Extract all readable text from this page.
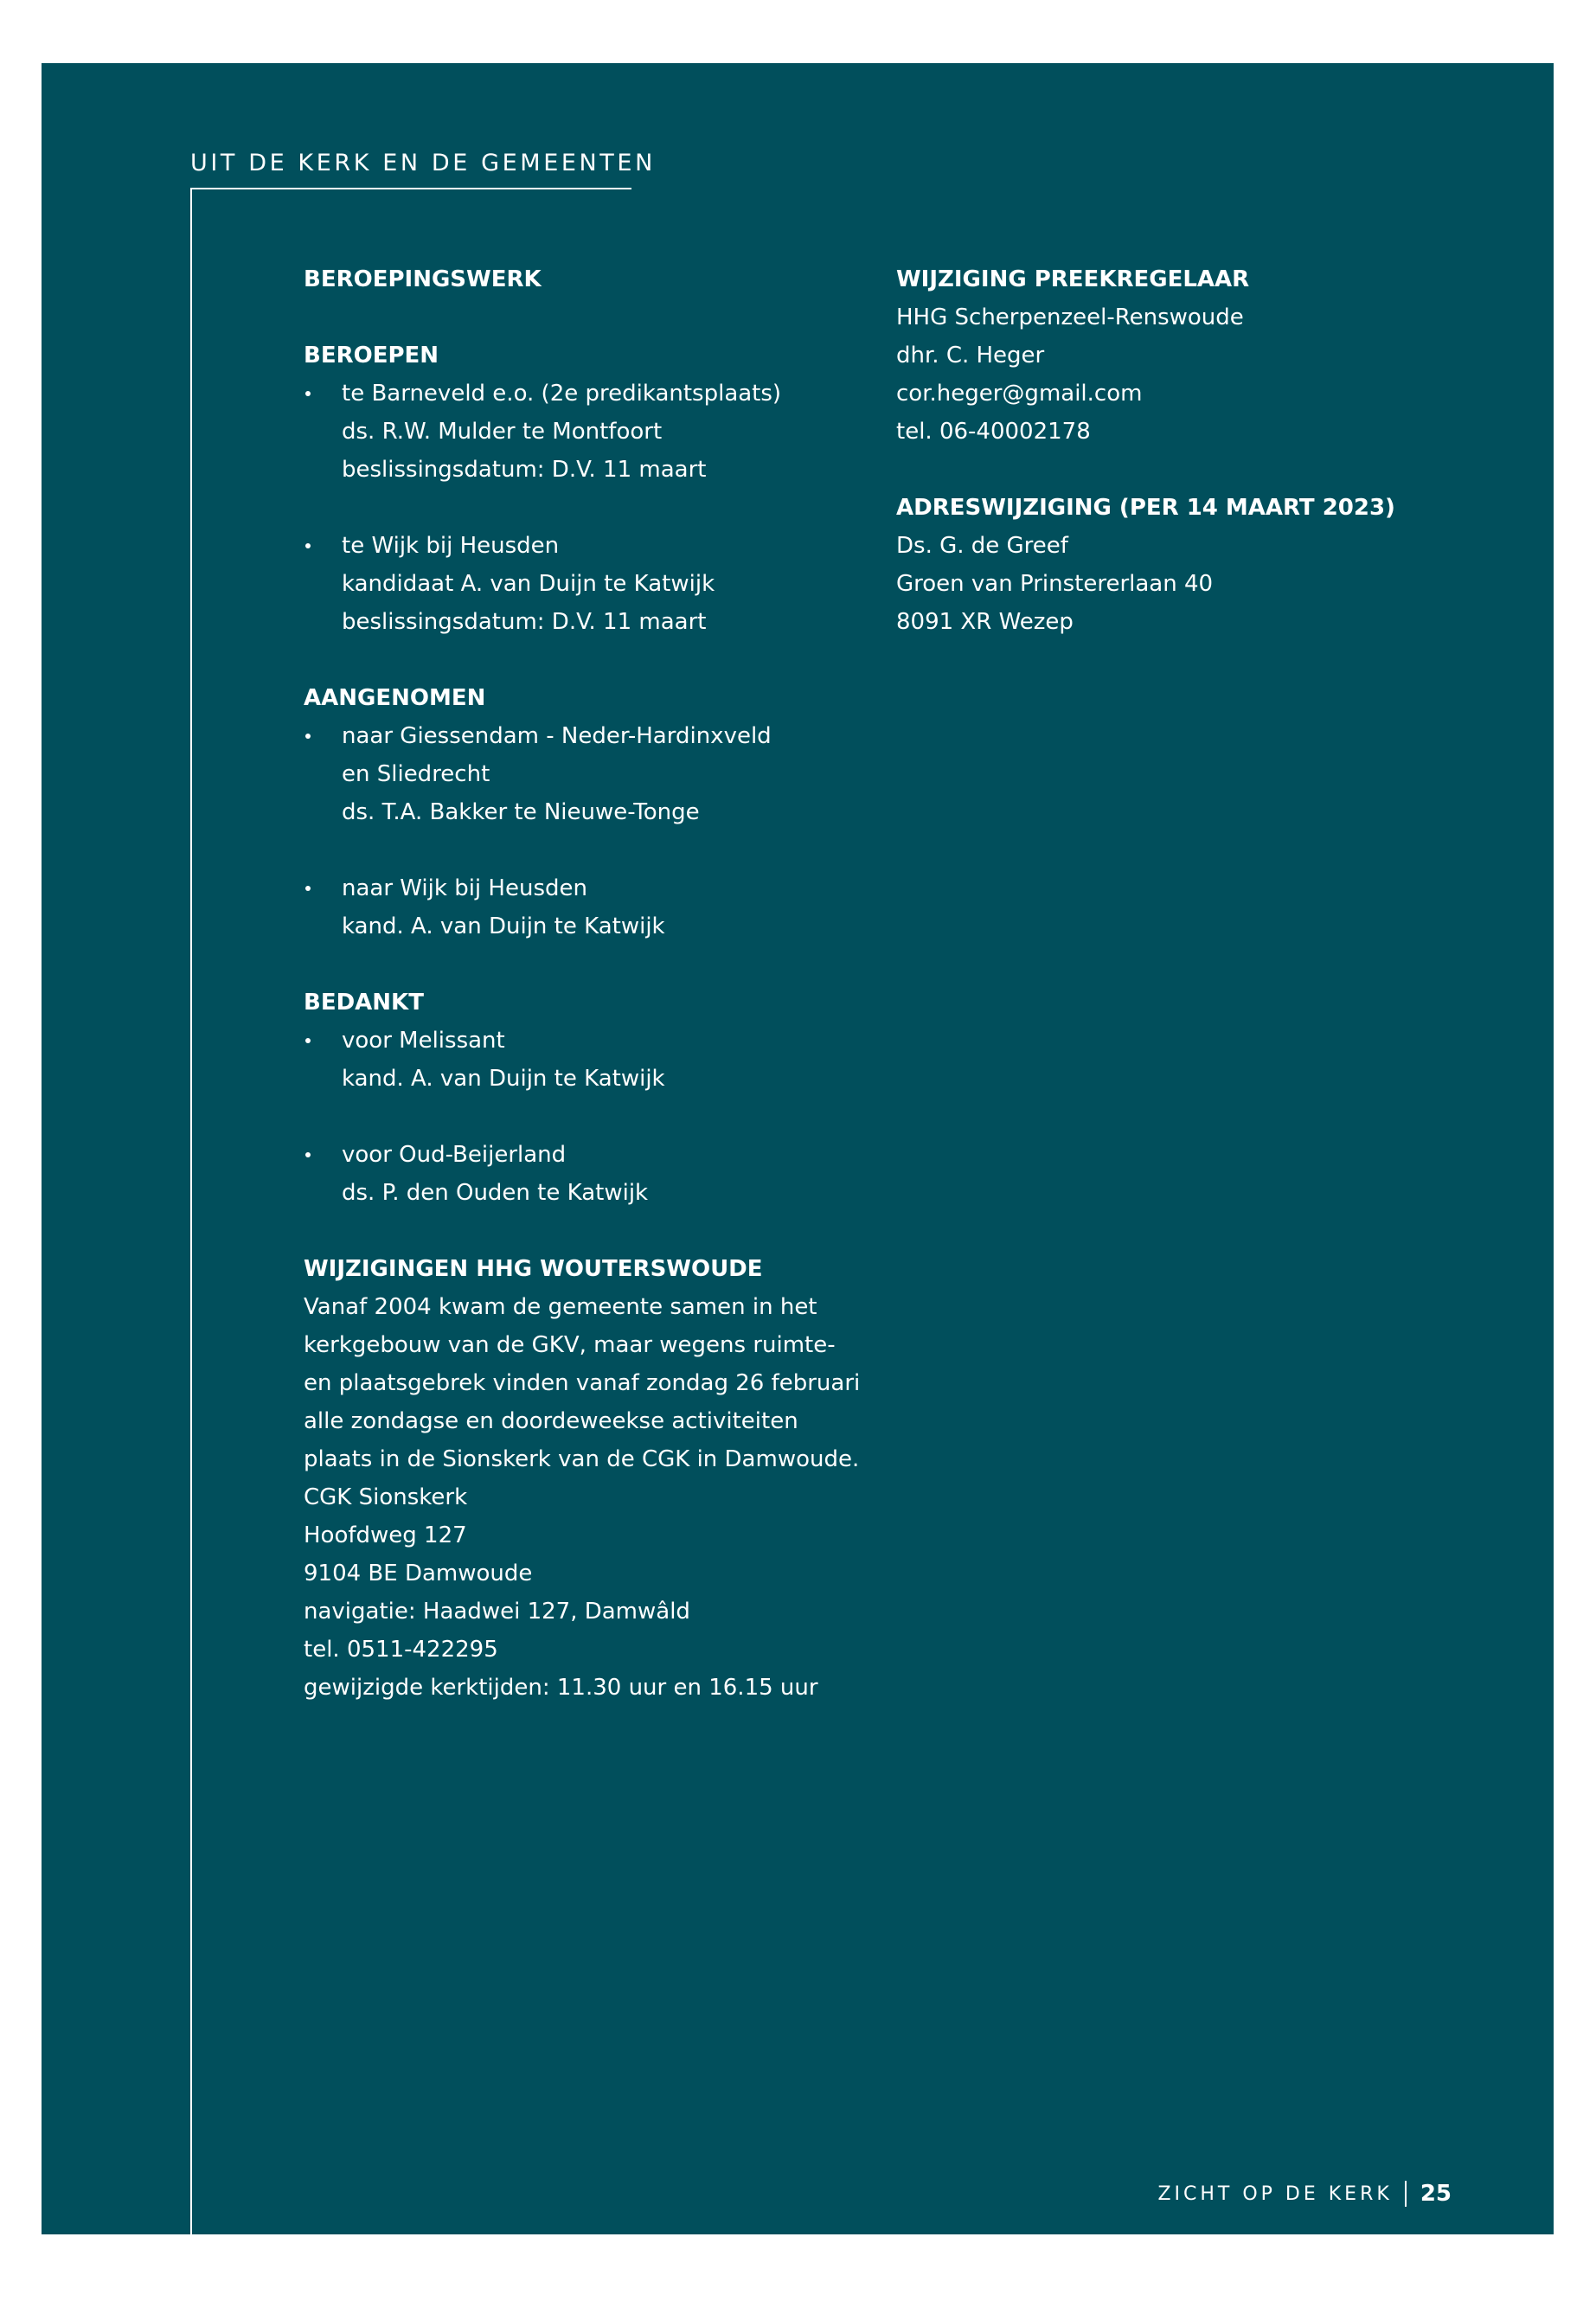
UIT DE KERK EN DE GEMEENTEN
BEROEPINGSWERK
BEROEPEN
te Barneveld e.o. (2e predikantsplaats)
ds. R.W. Mulder te Montfoort
beslissingsdatum: D.V. 11 maart
te Wijk bij Heusden
kandidaat A. van Duijn te Katwijk
beslissingsdatum: D.V. 11 maart
AANGENOMEN
naar Giessendam - Neder-Hardinxveld
en Sliedrecht
ds. T.A. Bakker te Nieuwe-Tonge
naar Wijk bij Heusden
kand. A. van Duijn te Katwijk
BEDANKT
voor Melissant
kand. A. van Duijn te Katwijk
voor Oud-Beijerland
ds. P. den Ouden te Katwijk
WIJZIGINGEN HHG WOUTERSWOUDE
Vanaf 2004 kwam de gemeente samen in het
kerkgebouw van de GKV, maar wegens ruimte-
en plaatsgebrek vinden vanaf zondag 26 februari
alle zondagse en doordeweekse activiteiten
plaats in de Sionskerk van de CGK in Damwoude.
CGK Sionskerk
Hoofdweg 127
9104 BE Damwoude
navigatie: Haadwei 127, Damwâld
tel. 0511-422295
gewijzigde kerktijden: 11.30 uur en 16.15 uur
WIJZIGING PREEKREGELAAR
HHG Scherpenzeel-Renswoude
dhr. C. Heger
cor.heger@gmail.com
tel. 06-40002178
ADRESWIJZIGING (PER 14 MAART 2023)
Ds. G. de Greef
Groen van Prinstererlaan 40
8091 XR Wezep
ZICHT OP DE KERK 25
